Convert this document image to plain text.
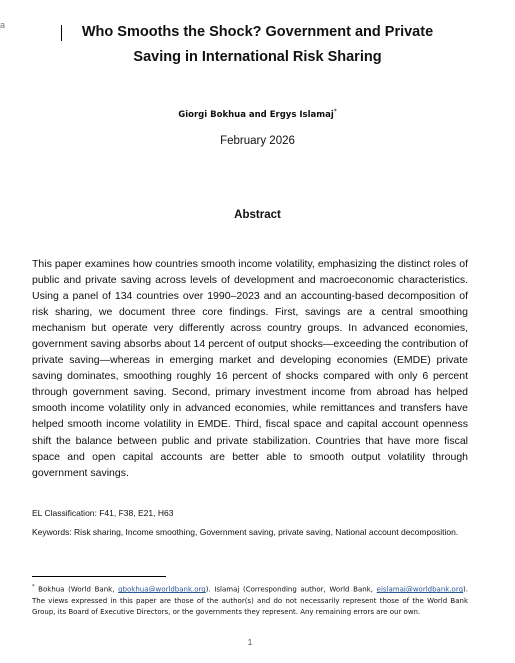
a	Who Smooths the Shock? Government and Private Saving in International Risk Sharing
Giorgi Bokhua and Ergys Islamaj*
February 2026
Abstract

This paper examines how countries smooth income volatility, emphasizing the distinct roles of public and private saving across levels of development and macroeconomic characteristics. Using a panel of 134 countries over 1990–2023 and an accounting-based decomposition of risk sharing, we document three core findings. First, savings are a central smoothing mechanism but operate very differently across country groups. In advanced economies, government saving absorbs about 14 percent of output shocks—exceeding the contribution of private saving—whereas in emerging market and developing economies (EMDE) private saving dominates, smoothing roughly 16 percent of shocks compared with only 6 percent through government saving. Second, primary investment income from abroad has helped smooth income volatility only in advanced economies, while remittances and transfers have helped smooth income volatility in EMDE. Third, fiscal space and capital account openness shift the balance between public and private stabilization. Countries that have more fiscal space and open capital accounts are better able to smooth output volatility through government savings.

EL Classification: F41, F38, E21, H63

Keywords: Risk sharing, Income smoothing, Government saving, private saving, National account decomposition.

* Bokhua (World Bank, gbokhua@worldbank.org). Islamaj (Corresponding author, World Bank, eislamaj@worldbank.org). The views expressed in this paper are those of the author(s) and do not necessarily represent those of the World Bank Group, its Board of Executive Directors, or the governments they represent. Any remaining errors are our own.

1
